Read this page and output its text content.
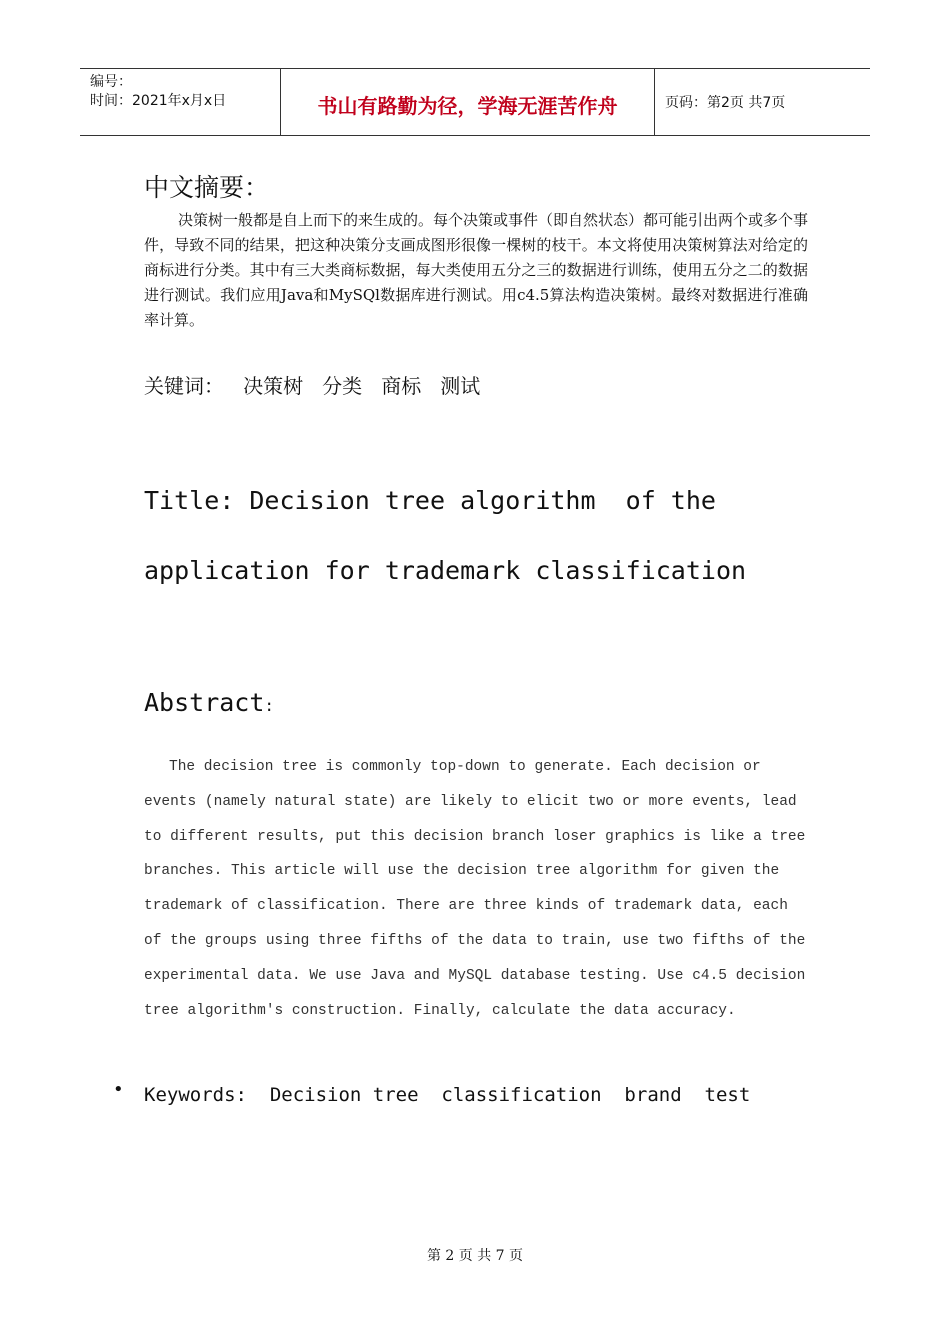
编号：
时间：2021年x月x日	书山有路勤为径，学海无涯苦作舟	页码：第2页 共7页
中文摘要：

决策树一般都是自上而下的来生成的。每个决策或事件（即自然状态）都可能引出两个或多个事件，导致不同的结果，把这种决策分支画成图形很像一棵树的枝干。本文将使用决策树算法对给定的商标进行分类。其中有三大类商标数据，每大类使用五分之三的数据进行训练，使用五分之二的数据进行测试。我们应用Java和MySQl数据库进行测试。用c4.5算法构造决策树。最终对数据进行准确率计算。

关键词：   决策树   分类   商标   测试

Title: Decision tree algorithm  of the application for trademark classification
Abstract:

The decision tree is commonly top-down to generate. Each decision or events (namely natural state) are likely to elicit two or more events, lead to different results, put this decision branch loser graphics is like a tree branches. This article will use the decision tree algorithm for given the trademark of classification. There are three kinds of trademark data, each of the groups using three fifths of the data to train, use two fifths of the experimental data. We use Java and MySQL database testing. Use c4.5 decision tree algorithm's construction. Finally, calculate the data accuracy.

• Keywords:  Decision tree  classification  brand  test

第 2 页 共 7 页
